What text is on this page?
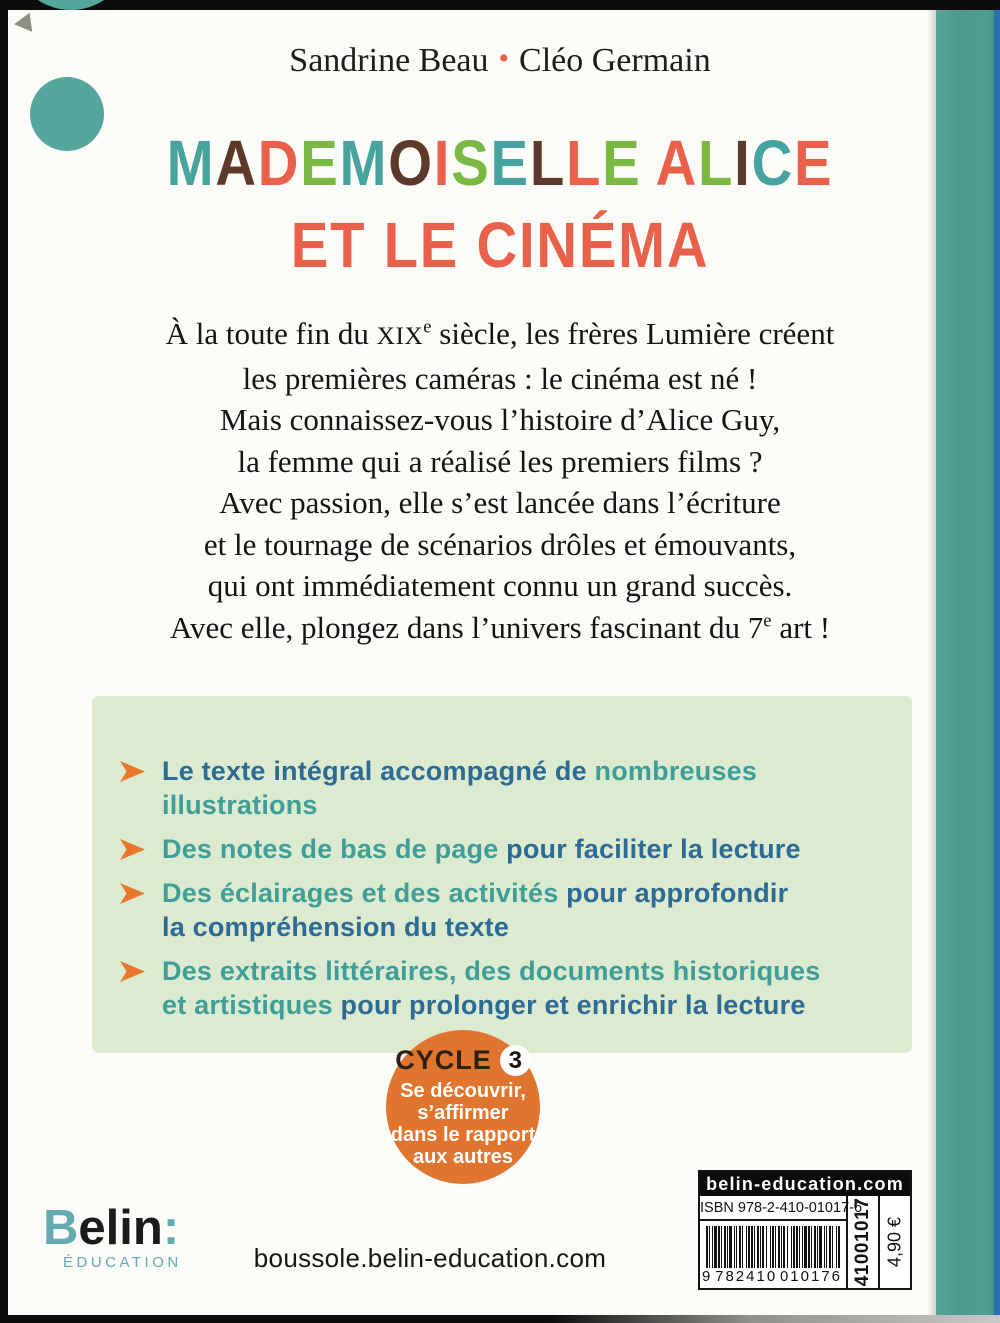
Sandrine Beau • Cléo Germain
MADEMOISELLE ALICE
ET LE CINÉMA
À la toute fin du XIXe siècle, les frères Lumière créent
les premières caméras : le cinéma est né !
Mais connaissez-vous l’histoire d’Alice Guy,
la femme qui a réalisé les premiers films ?
Avec passion, elle s’est lancée dans l’écriture
et le tournage de scénarios drôles et émouvants,
qui ont immédiatement connu un grand succès.
Avec elle, plongez dans l’univers fascinant du 7e art !
Le texte intégral accompagné de nombreuses illustrations
Des notes de bas de page pour faciliter la lecture
Des éclairages et des activités pour approfondir
la compréhension du texte
Des extraits littéraires, des documents historiques
et artistiques pour prolonger et enrichir la lecture
CYCLE 3
Se découvrir,
s’affirmer
dans le rapport
aux autres
Belin:
ÉDUCATION	boussole.belin-education.com
belin-education.com
ISBN 978-2-410-01017-6
9 782410 010176 41001017 4,90 €
